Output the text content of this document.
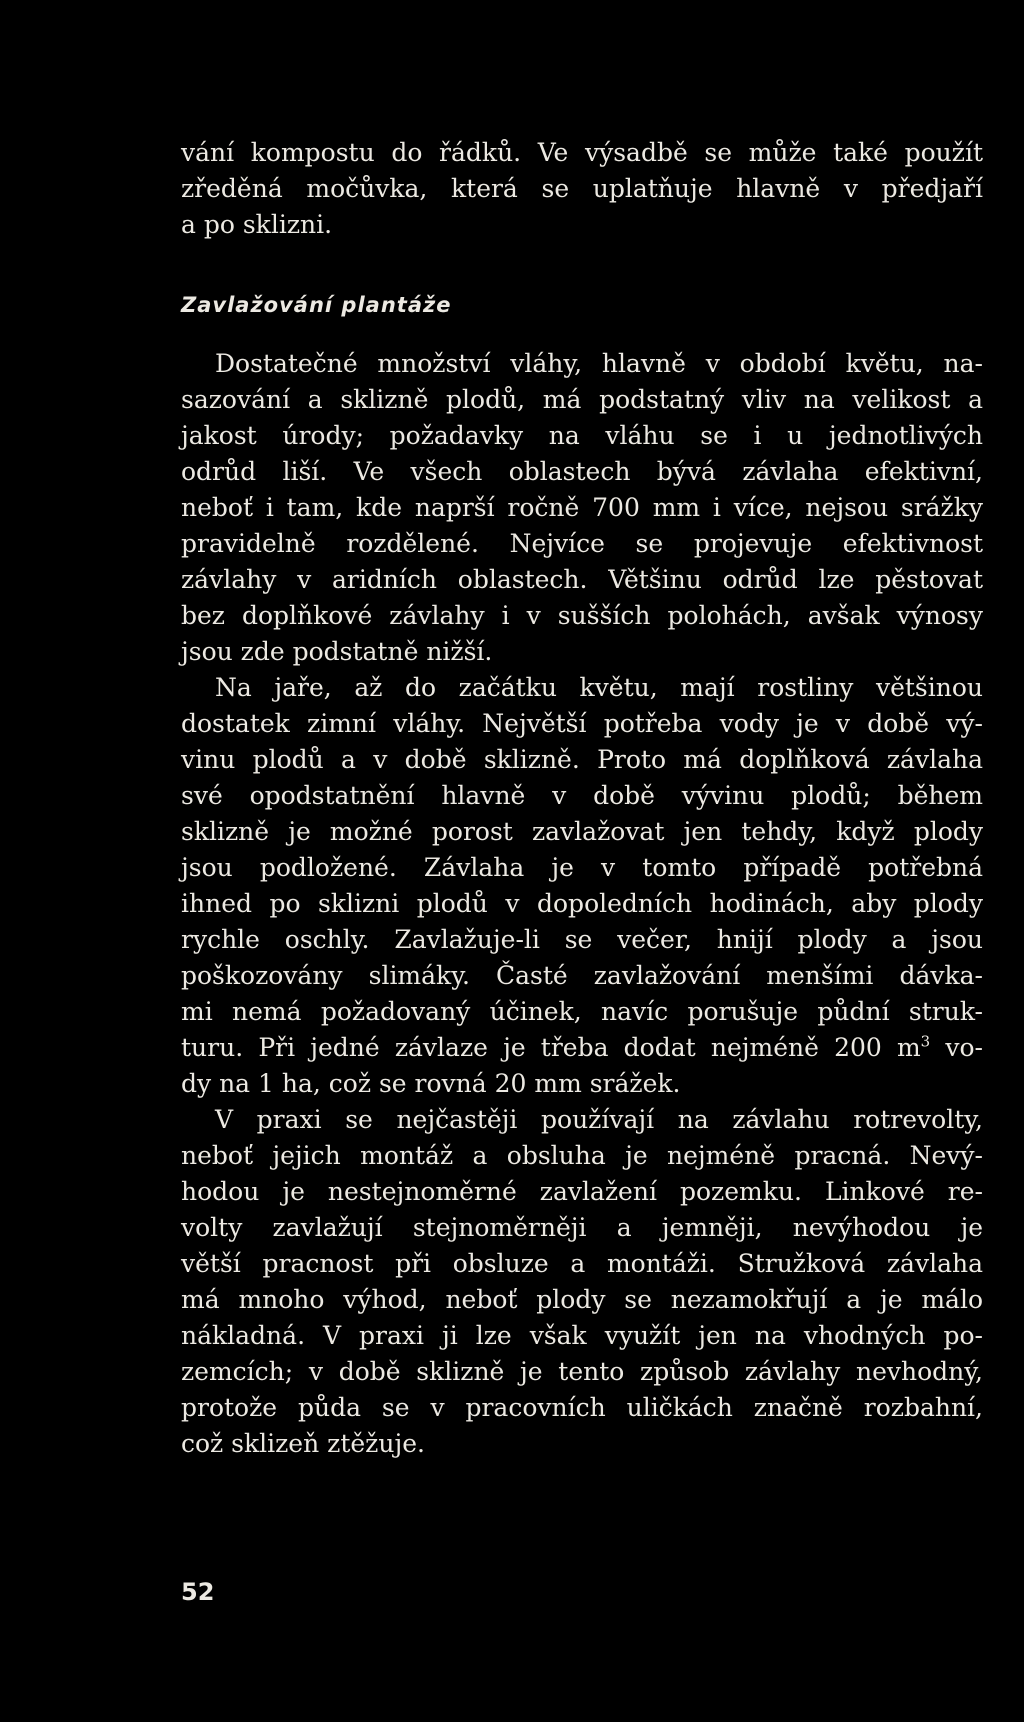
vání kompostu do řádků. Ve výsadbě se může také použít
zředěná močůvka, která se uplatňuje hlavně v předjaří
a po sklizni.
Zavlažování plantáže
Dostatečné množství vláhy, hlavně v období květu, na-
sazování a sklizně plodů, má podstatný vliv na velikost a
jakost úrody; požadavky na vláhu se i u jednotlivých
odrůd liší. Ve všech oblastech bývá závlaha efektivní,
neboť i tam, kde naprší ročně 700 mm i více, nejsou srážky
pravidelně rozdělené. Nejvíce se projevuje efektivnost
závlahy v aridních oblastech. Většinu odrůd lze pěstovat
bez doplňkové závlahy i v sušších polohách, avšak výnosy
jsou zde podstatně nižší.
Na jaře, až do začátku květu, mají rostliny většinou
dostatek zimní vláhy. Největší potřeba vody je v době vý-
vinu plodů a v době sklizně. Proto má doplňková závlaha
své opodstatnění hlavně v době vývinu plodů; během
sklizně je možné porost zavlažovat jen tehdy, když plody
jsou podložené. Závlaha je v tomto případě potřebná
ihned po sklizni plodů v dopoledních hodinách, aby plody
rychle oschly. Zavlažuje-li se večer, hnijí plody a jsou
poškozovány slimáky. Časté zavlažování menšími dávka-
mi nemá požadovaný účinek, navíc porušuje půdní struk-
turu. Při jedné závlaze je třeba dodat nejméně 200 $m^3$ vo-
dy na 1 ha, což se rovná 20 mm srážek.
V praxi se nejčastěji používají na závlahu rotrevolty,
neboť jejich montáž a obsluha je nejméně pracná. Nevý-
hodou je nestejnoměrné zavlažení pozemku. Linkové re-
volty zavlažují stejnoměrněji a jemněji, nevýhodou je
větší pracnost při obsluze a montáži. Stružková závlaha
má mnoho výhod, neboť plody se nezamokřují a je málo
nákladná. V praxi ji lze však využít jen na vhodných po-
zemcích; v době sklizně je tento způsob závlahy nevhodný,
protože půda se v pracovních uličkách značně rozbahní,
což sklizeň ztěžuje.
52
